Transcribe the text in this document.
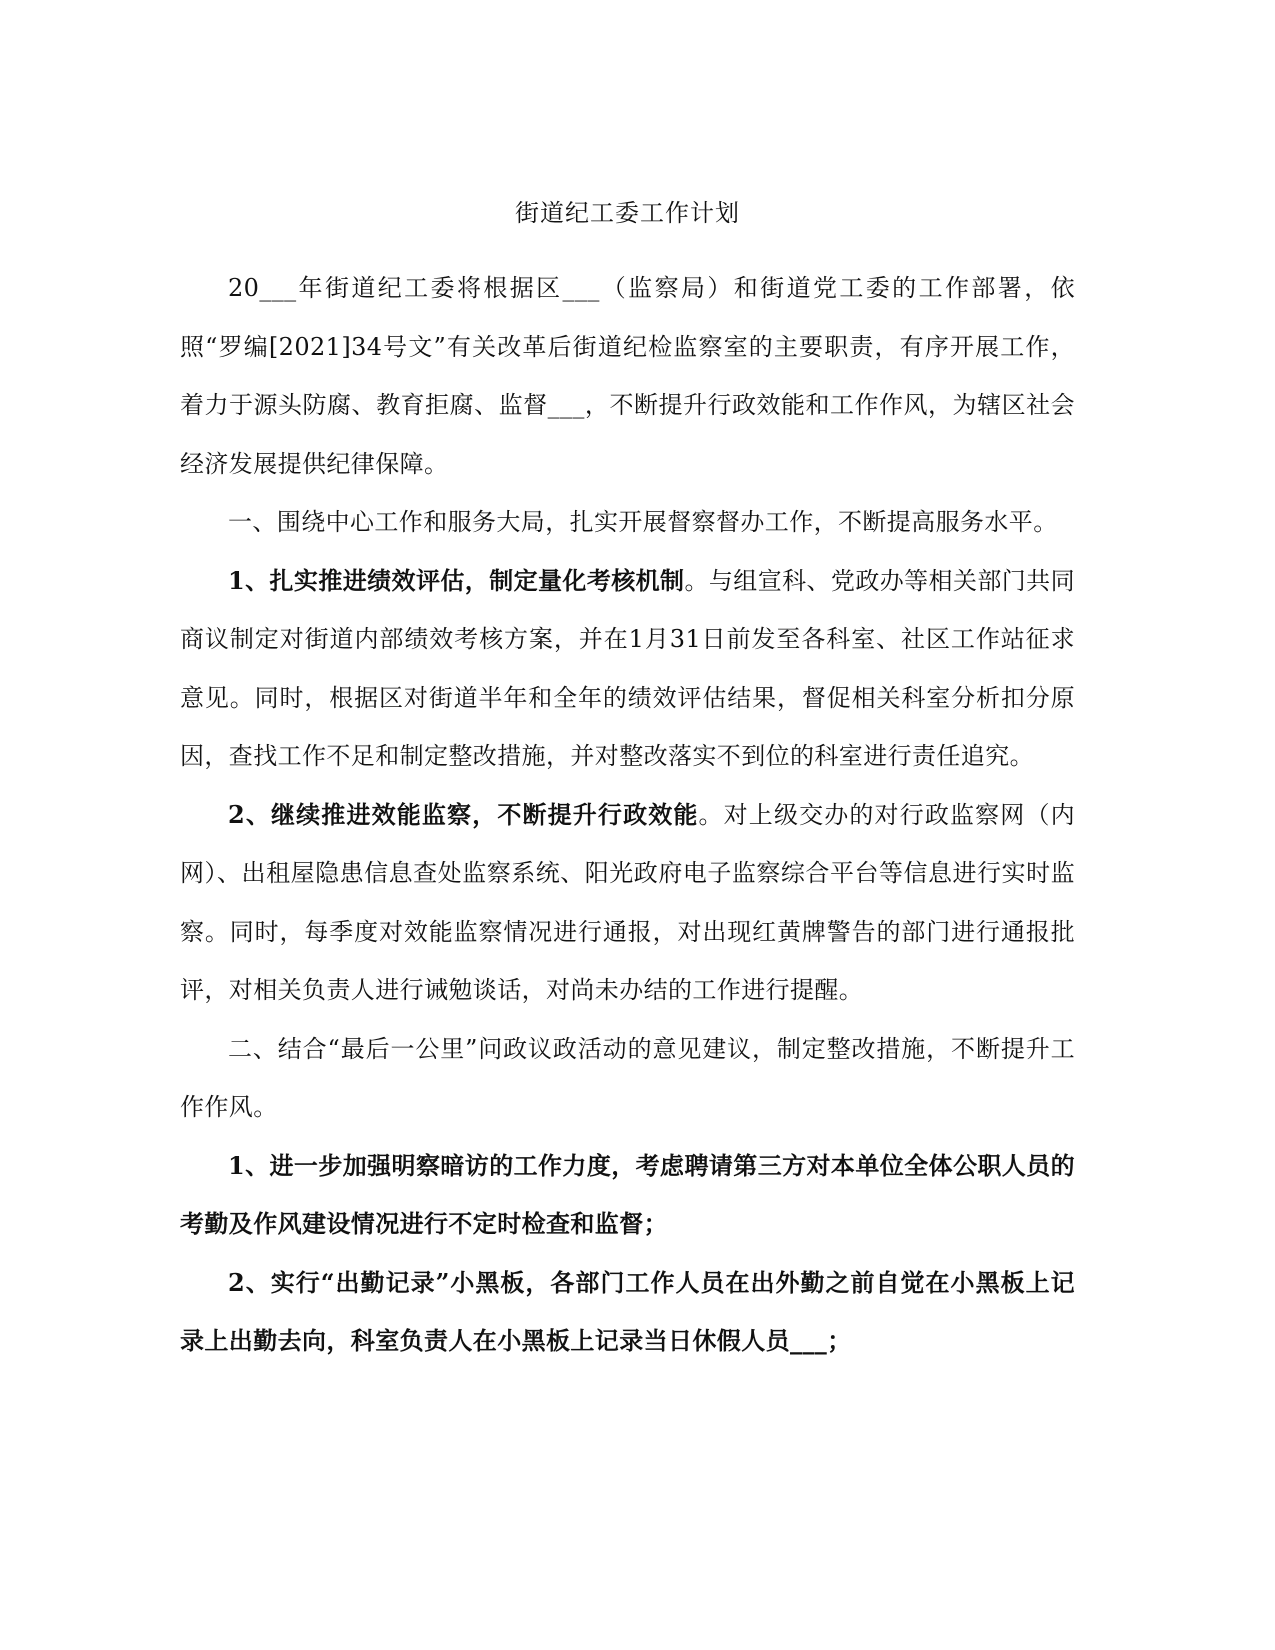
街道纪工委工作计划

20___年街道纪工委将根据区___（监察局）和街道党工委的工作部署，依照“罗编[2021]34号文”有关改革后街道纪检监察室的主要职责，有序开展工作，着力于源头防腐、教育拒腐、监督___，不断提升行政效能和工作作风，为辖区社会经济发展提供纪律保障。

一、围绕中心工作和服务大局，扎实开展督察督办工作，不断提高服务水平。

1、扎实推进绩效评估，制定量化考核机制。与组宣科、党政办等相关部门共同商议制定对街道内部绩效考核方案，并在1月31日前发至各科室、社区工作站征求意见。同时，根据区对街道半年和全年的绩效评估结果，督促相关科室分析扣分原因，查找工作不足和制定整改措施，并对整改落实不到位的科室进行责任追究。

2、继续推进效能监察，不断提升行政效能。对上级交办的对行政监察网（内网）、出租屋隐患信息查处监察系统、阳光政府电子监察综合平台等信息进行实时监察。同时，每季度对效能监察情况进行通报，对出现红黄牌警告的部门进行通报批评，对相关负责人进行诫勉谈话，对尚未办结的工作进行提醒。

二、结合“最后一公里”问政议政活动的意见建议，制定整改措施，不断提升工作作风。

1、进一步加强明察暗访的工作力度，考虑聘请第三方对本单位全体公职人员的考勤及作风建设情况进行不定时检查和监督；

2、实行“出勤记录”小黑板，各部门工作人员在出外勤之前自觉在小黑板上记录上出勤去向，科室负责人在小黑板上记录当日休假人员___；
